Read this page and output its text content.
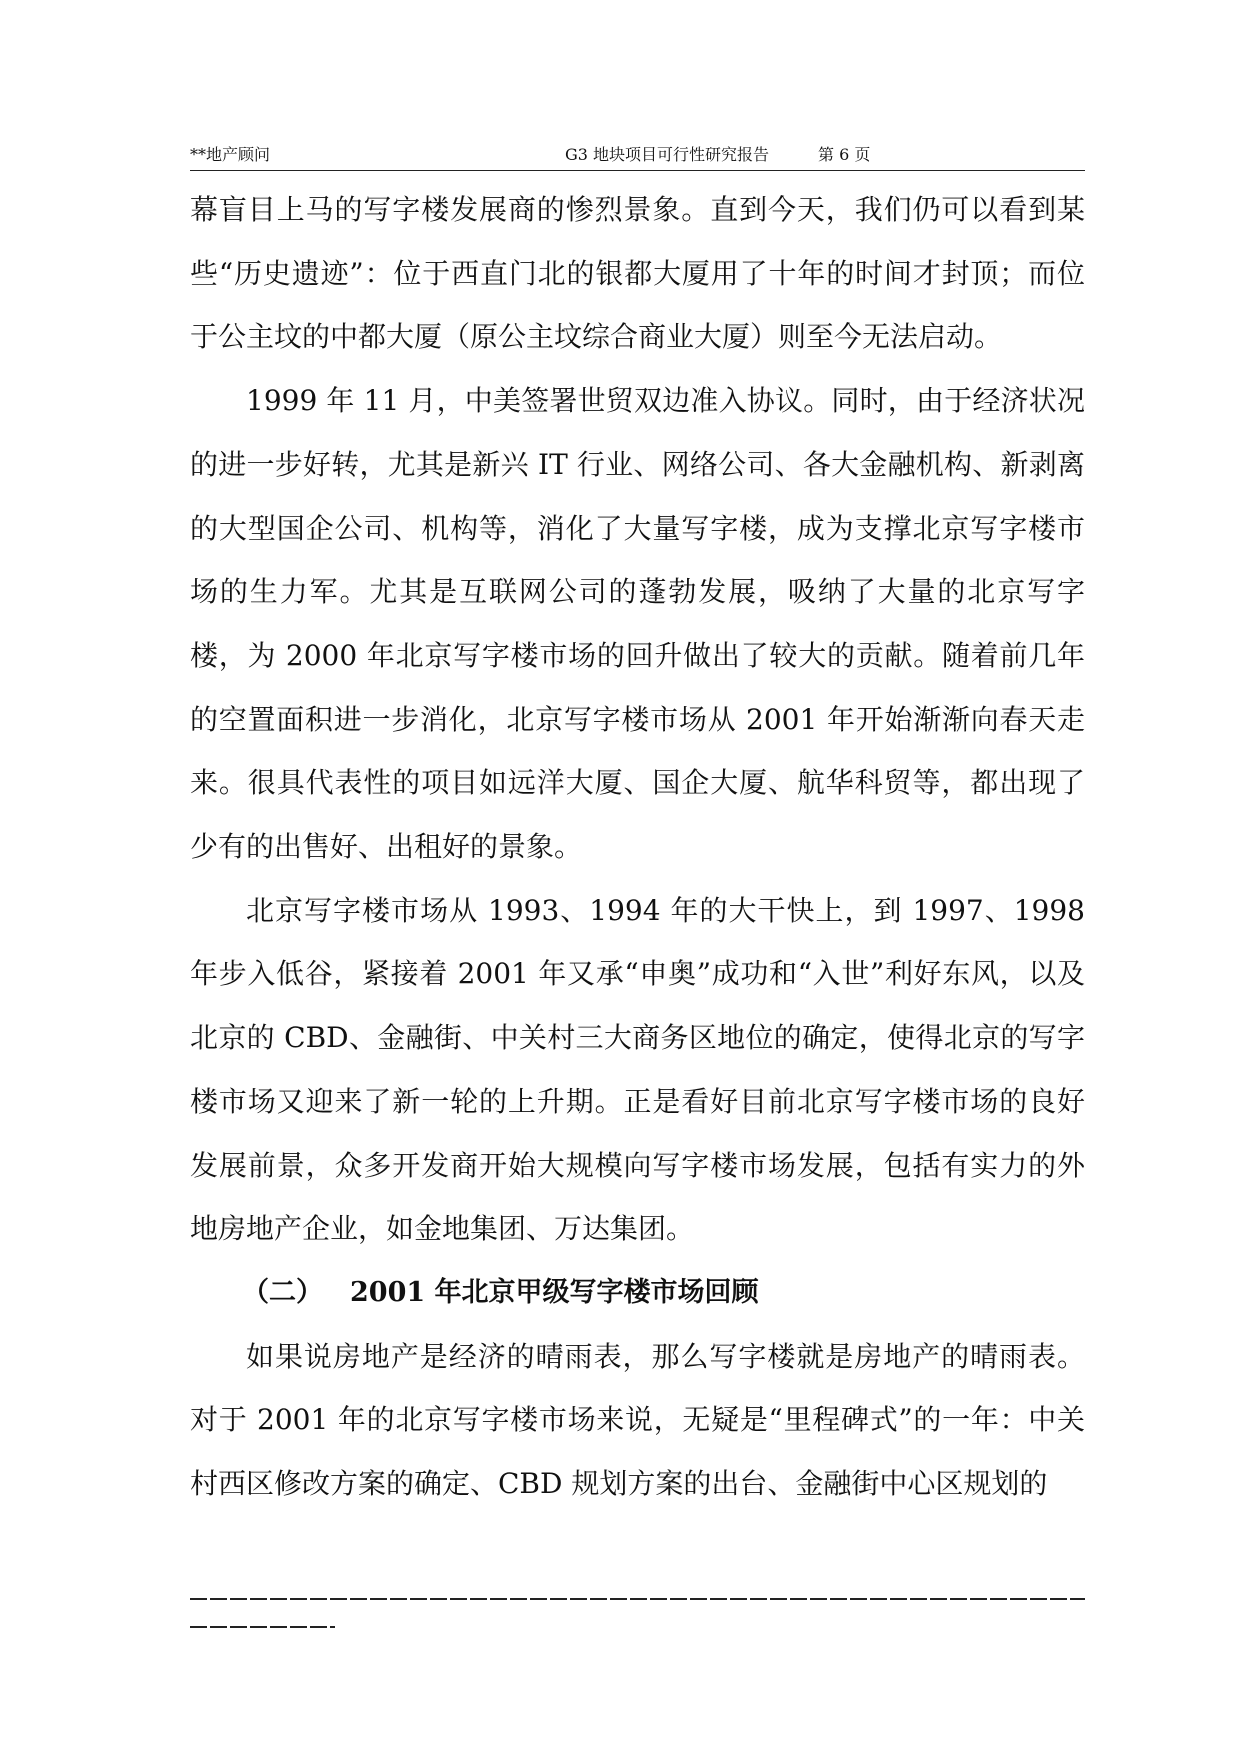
**地产顾问	G3 地块项目可行性研究报告	第 6 页

幕盲目上马的写字楼发展商的惨烈景象。直到今天，我们仍可以看到某些“历史遗迹”：位于西直门北的银都大厦用了十年的时间才封顶；而位于公主坟的中都大厦（原公主坟综合商业大厦）则至今无法启动。

1999 年 11 月，中美签署世贸双边准入协议。同时，由于经济状况的进一步好转，尤其是新兴 IT 行业、网络公司、各大金融机构、新剥离的大型国企公司、机构等，消化了大量写字楼，成为支撑北京写字楼市场的生力军。尤其是互联网公司的蓬勃发展，吸纳了大量的北京写字楼，为 2000 年北京写字楼市场的回升做出了较大的贡献。随着前几年的空置面积进一步消化，北京写字楼市场从 2001 年开始渐渐向春天走来。很具代表性的项目如远洋大厦、国企大厦、航华科贸等，都出现了少有的出售好、出租好的景象。

北京写字楼市场从 1993、1994 年的大干快上，到 1997、1998 年步入低谷，紧接着 2001 年又承“申奥”成功和“入世”利好东风，以及北京的 CBD、金融街、中关村三大商务区地位的确定，使得北京的写字楼市场又迎来了新一轮的上升期。正是看好目前北京写字楼市场的良好发展前景，众多开发商开始大规模向写字楼市场发展，包括有实力的外地房地产企业，如金地集团、万达集团。

（二） 2001 年北京甲级写字楼市场回顾

如果说房地产是经济的晴雨表，那么写字楼就是房地产的晴雨表。对于 2001 年的北京写字楼市场来说，无疑是“里程碑式”的一年：中关村西区修改方案的确定、CBD 规划方案的出台、金融街中心区规划的
